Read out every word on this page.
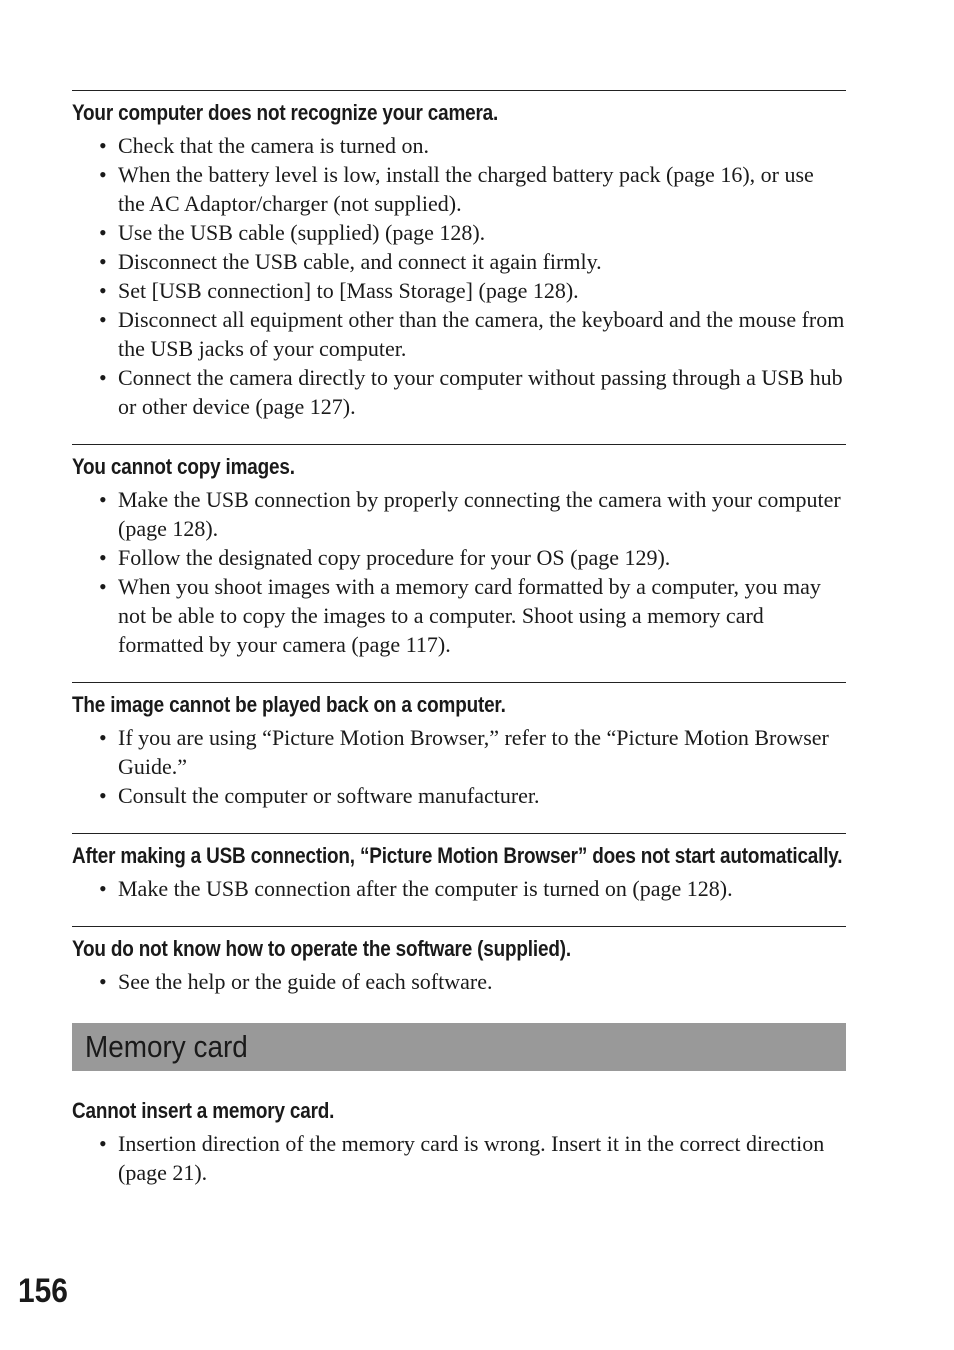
Your computer does not recognize your camera.
• Check that the camera is turned on.
• When the battery level is low, install the charged battery pack (page 16), or use the AC Adaptor/charger (not supplied).
• Use the USB cable (supplied) (page 128).
• Disconnect the USB cable, and connect it again firmly.
• Set [USB connection] to [Mass Storage] (page 128).
• Disconnect all equipment other than the camera, the keyboard and the mouse from the USB jacks of your computer.
• Connect the camera directly to your computer without passing through a USB hub or other device (page 127).
You cannot copy images.
• Make the USB connection by properly connecting the camera with your computer (page 128).
• Follow the designated copy procedure for your OS (page 129).
• When you shoot images with a memory card formatted by a computer, you may not be able to copy the images to a computer. Shoot using a memory card formatted by your camera (page 117).
The image cannot be played back on a computer.
• If you are using “Picture Motion Browser,” refer to the “Picture Motion Browser Guide.”
• Consult the computer or software manufacturer.
After making a USB connection, “Picture Motion Browser” does not start automatically.
• Make the USB connection after the computer is turned on (page 128).
You do not know how to operate the software (supplied).
• See the help or the guide of each software.
Memory card
Cannot insert a memory card.
• Insertion direction of the memory card is wrong. Insert it in the correct direction (page 21).
156
